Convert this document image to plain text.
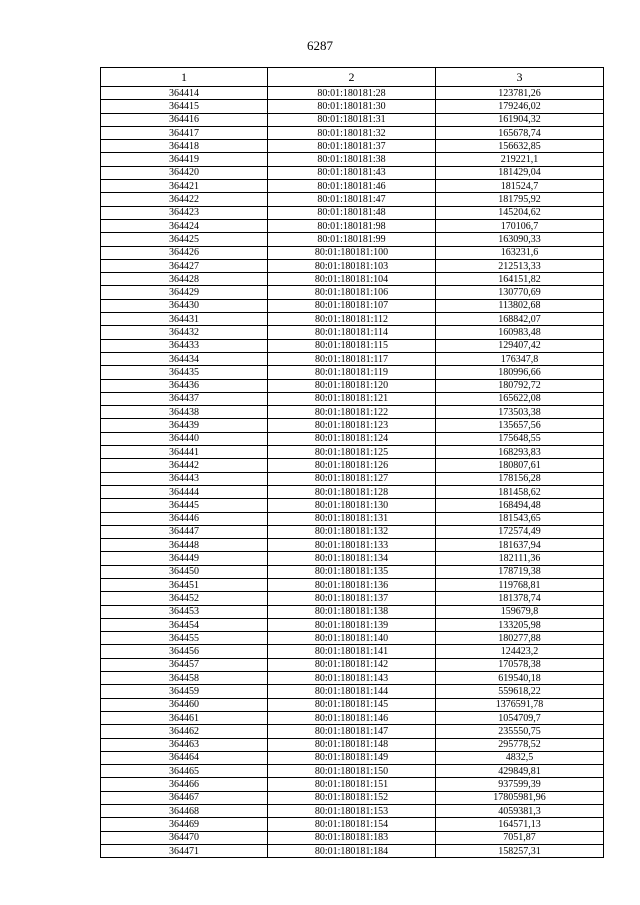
6287
1	2	3
364414	80:01:180181:28	123781,26
364415	80:01:180181:30	179246,02
364416	80:01:180181:31	161904,32
364417	80:01:180181:32	165678,74
364418	80:01:180181:37	156632,85
364419	80:01:180181:38	219221,1
364420	80:01:180181:43	181429,04
364421	80:01:180181:46	181524,7
364422	80:01:180181:47	181795,92
364423	80:01:180181:48	145204,62
364424	80:01:180181:98	170106,7
364425	80:01:180181:99	163090,33
364426	80:01:180181:100	163231,6
364427	80:01:180181:103	212513,33
364428	80:01:180181:104	164151,82
364429	80:01:180181:106	130770,69
364430	80:01:180181:107	113802,68
364431	80:01:180181:112	168842,07
364432	80:01:180181:114	160983,48
364433	80:01:180181:115	129407,42
364434	80:01:180181:117	176347,8
364435	80:01:180181:119	180996,66
364436	80:01:180181:120	180792,72
364437	80:01:180181:121	165622,08
364438	80:01:180181:122	173503,38
364439	80:01:180181:123	135657,56
364440	80:01:180181:124	175648,55
364441	80:01:180181:125	168293,83
364442	80:01:180181:126	180807,61
364443	80:01:180181:127	178156,28
364444	80:01:180181:128	181458,62
364445	80:01:180181:130	168494,48
364446	80:01:180181:131	181543,65
364447	80:01:180181:132	172574,49
364448	80:01:180181:133	181637,94
364449	80:01:180181:134	182111,36
364450	80:01:180181:135	178719,38
364451	80:01:180181:136	119768,81
364452	80:01:180181:137	181378,74
364453	80:01:180181:138	159679,8
364454	80:01:180181:139	133205,98
364455	80:01:180181:140	180277,88
364456	80:01:180181:141	124423,2
364457	80:01:180181:142	170578,38
364458	80:01:180181:143	619540,18
364459	80:01:180181:144	559618,22
364460	80:01:180181:145	1376591,78
364461	80:01:180181:146	1054709,7
364462	80:01:180181:147	235550,75
364463	80:01:180181:148	295778,52
364464	80:01:180181:149	4832,5
364465	80:01:180181:150	429849,81
364466	80:01:180181:151	937599,39
364467	80:01:180181:152	17805981,96
364468	80:01:180181:153	4059381,3
364469	80:01:180181:154	164571,13
364470	80:01:180181:183	7051,87
364471	80:01:180181:184	158257,31
